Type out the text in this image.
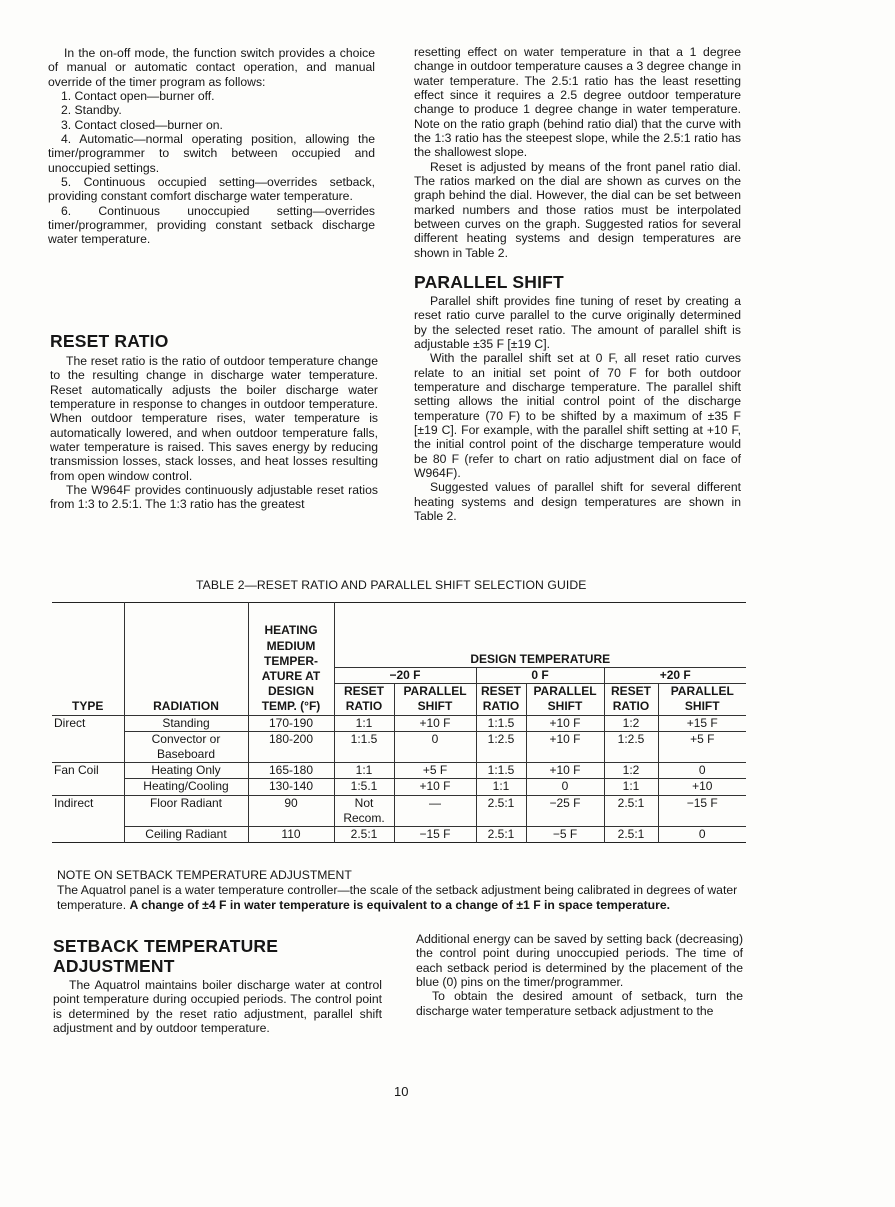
In the on-off mode, the function switch provides a choice of manual or automatic contact operation, and manual override of the timer program as follows:

1. Contact open—burner off.

2. Standby.

3. Contact closed—burner on.

4. Automatic—normal operating position, allowing the timer/programmer to switch between occupied and unoccupied settings.

5. Continuous occupied setting—overrides setback, providing constant comfort discharge water temperature.

6. Continuous unoccupied setting—overrides timer/programmer, providing constant setback discharge water temperature.

RESET RATIO

The reset ratio is the ratio of outdoor temperature change to the resulting change in discharge water temperature. Reset automatically adjusts the boiler discharge water temperature in response to changes in outdoor temperature. When outdoor temperature rises, water temperature is automatically lowered, and when outdoor temperature falls, water temperature is raised. This saves energy by reducing transmission losses, stack losses, and heat losses resulting from open window control.

The W964F provides continuously adjustable reset ratios from 1:3 to 2.5:1. The 1:3 ratio has the greatest

resetting effect on water temperature in that a 1 degree change in outdoor temperature causes a 3 degree change in water temperature. The 2.5:1 ratio has the least resetting effect since it requires a 2.5 degree outdoor temperature change to produce 1 degree change in water temperature. Note on the ratio graph (behind ratio dial) that the curve with the 1:3 ratio has the steepest slope, while the 2.5:1 ratio has the shallowest slope.

Reset is adjusted by means of the front panel ratio dial. The ratios marked on the dial are shown as curves on the graph behind the dial. However, the dial can be set between marked numbers and those ratios must be interpolated between curves on the graph. Suggested ratios for several different heating systems and design temperatures are shown in Table 2.

PARALLEL SHIFT

Parallel shift provides fine tuning of reset by creating a reset ratio curve parallel to the curve originally determined by the selected reset ratio. The amount of parallel shift is adjustable ±35 F [±19 C].

With the parallel shift set at 0 F, all reset ratio curves relate to an initial set point of 70 F for both outdoor temperature and discharge temperature. The parallel shift setting allows the initial control point of the discharge temperature (70 F) to be shifted by a maximum of ±35 F [±19 C]. For example, with the parallel shift setting at +10 F, the initial control point of the discharge temperature would be 80 F (refer to chart on ratio adjustment dial on face of W964F).

Suggested values of parallel shift for several different heating systems and design temperatures are shown in Table 2.

TABLE 2—RESET RATIO AND PARALLEL SHIFT SELECTION GUIDE
TYPE	RADIATION	HEATING MEDIUM TEMPER- ATURE AT DESIGN TEMP. (°F)	DESIGN TEMPERATURE					
			−20 F		0 F		+20 F	
			RESET RATIO	PARALLEL SHIFT	RESET RATIO	PARALLEL SHIFT	RESET RATIO	PARALLEL SHIFT
Direct	Standing	170-190	1:1	+10 F	1:1.5	+10 F	1:2	+15 F
	Convector or Baseboard	180-200	1:1.5	0	1:2.5	+10 F	1:2.5	+5 F
Fan Coil	Heating Only	165-180	1:1	+5 F	1:1.5	+10 F	1:2	0
	Heating/Cooling	130-140	1:5.1	+10 F	1:1	0	1:1	+10
Indirect	Floor Radiant	90	Not Recom.	—	2.5:1	−25 F	2.5:1	−15 F
	Ceiling Radiant	110	2.5:1	−15 F	2.5:1	−5 F	2.5:1	0
NOTE ON SETBACK TEMPERATURE ADJUSTMENT
The Aquatrol panel is a water temperature controller—the scale of the setback adjustment being calibrated in degrees of water temperature. A change of ±4 F in water temperature is equivalent to a change of ±1 F in space temperature.
SETBACK TEMPERATURE
ADJUSTMENT

The Aquatrol maintains boiler discharge water at control point temperature during occupied periods. The control point is determined by the reset ratio adjustment, parallel shift adjustment and by outdoor temperature.

Additional energy can be saved by setting back (decreasing) the control point during unoccupied periods. The time of each setback period is determined by the placement of the blue (0) pins on the timer/programmer.

To obtain the desired amount of setback, turn the discharge water temperature setback adjustment to the

10
